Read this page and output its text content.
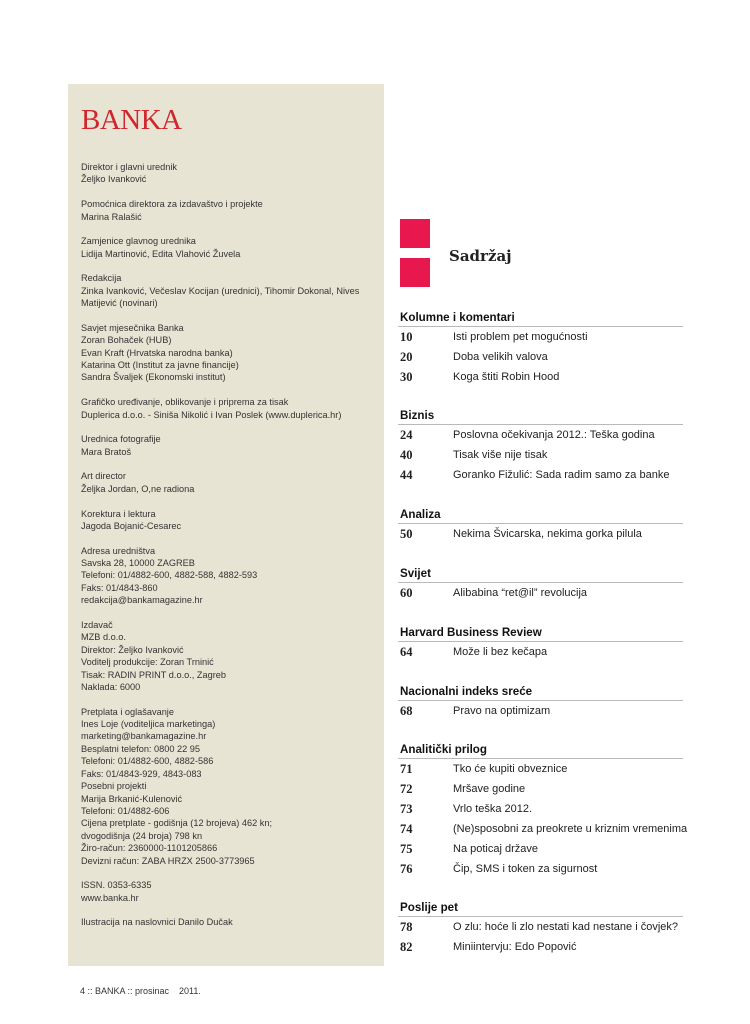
BANKA
Direktor i glavni urednik
Željko Ivanković
Pomoćnica direktora za izdavaštvo i projekte
Marina Ralašić
Zamjenice glavnog urednika
Lidija Martinović, Edita Vlahović Žuvela
Redakcija
Zinka Ivanković, Večeslav Kocijan (urednici), Tihomir Dokonal, Nives Matijević (novinari)
Savjet mjesečnika Banka
Zoran Bohaček (HUB)
Evan Kraft (Hrvatska narodna banka)
Katarina Ott (Institut za javne financije)
Sandra Švaljek (Ekonomski institut)
Grafičko uređivanje, oblikovanje i priprema za tisak
Duplerica d.o.o. - Siniša Nikolić i Ivan Poslek (www.duplerica.hr)
Urednica fotografije
Mara Bratoš
Art director
Željka Jordan, O,ne radiona
Korektura i lektura
Jagoda Bojanić-Cesarec
Adresa uredništva
Savska 28, 10000 ZAGREB
Telefoni: 01/4882-600, 4882-588, 4882-593
Faks: 01/4843-860
redakcija@bankamagazine.hr
Izdavač
MZB d.o.o.
Direktor: Željko Ivanković
Voditelj produkcije: Zoran Trninić
Tisak: RADIN PRINT d.o.o., Zagreb
Naklada: 6000
Pretplata i oglašavanje
Ines Loje (voditeljica marketinga)
marketing@bankamagazine.hr
Besplatni telefon: 0800 22 95
Telefoni: 01/4882-600, 4882-586
Faks: 01/4843-929, 4843-083
Posebni projekti
Marija Brkanić-Kulenović
Telefoni: 01/4882-606
Cijena pretplate - godišnja (12 brojeva) 462 kn;
dvogodišnja (24 broja) 798 kn
Žiro-račun: 2360000-1101205866
Devizni račun: ZABA HRZX 2500-3773965
ISSN. 0353-6335
www.banka.hr
Ilustracija na naslovnici Danilo Dučak
4 :: BANKA :: prosinac    2011.
Sadržaj
Kolumne i komentari
10	Isti problem pet mogućnosti
20	Doba velikih valova
30	Koga štiti Robin Hood
Biznis
24	Poslovna očekivanja 2012.: Teška godina
40	Tisak više nije tisak
44	Goranko Fižulić: Sada radim samo za banke
Analiza
50	Nekima Švicarska, nekima gorka pilula
Svijet
60	Alibabina “ret@il” revolucija
Harvard Business Review
64	Može li bez kečapa
Nacionalni indeks sreće
68	Pravo na optimizam
Analitički prilog
71	Tko će kupiti obveznice
72	Mršave godine
73	Vrlo teška 2012.
74	(Ne)sposobni za preokrete u kriznim vremenima
75	Na poticaj države
76	Čip, SMS i token za sigurnost
Poslije pet
78	O zlu: hoće li zlo nestati kad nestane i čovjek?
82	Miniintervju: Edo Popović
